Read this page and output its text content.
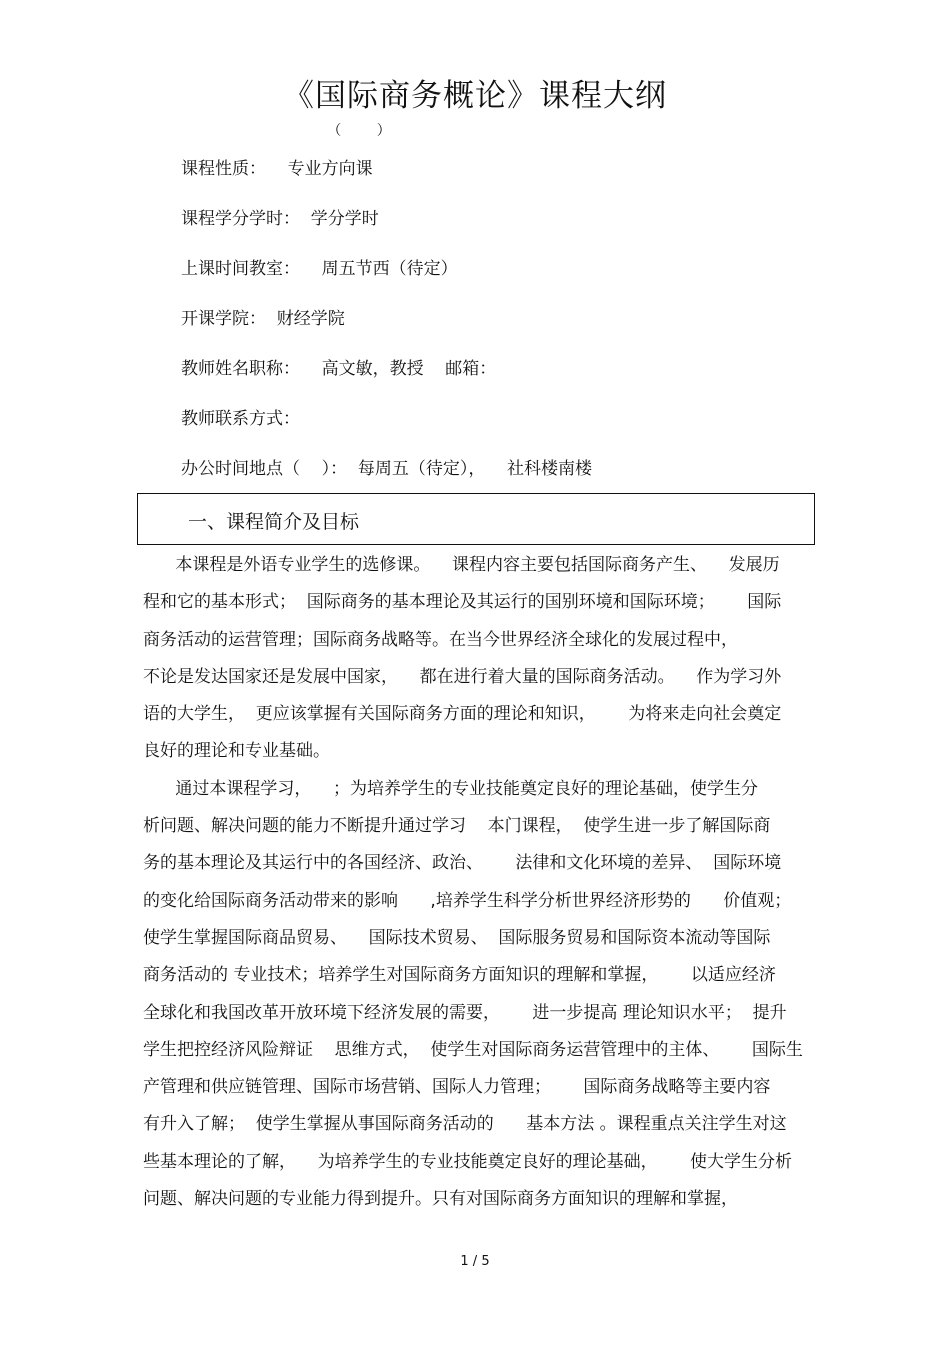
《国际商务概论》课程大纲
（        ）
课程性质：    专业方向课
课程学分学时：  学分学时
上课时间教室：    周五节西（待定）
开课学院：  财经学院
教师姓名职称：    高文敏，教授    邮箱：
教师联系方式：
办公时间地点（    ）：  每周五（待定），    社科楼南楼
一、课程简介及目标
本课程是外语专业学生的选修课。    课程内容主要包括国际商务产生、    发展历
程和它的基本形式；  国际商务的基本理论及其运行的国别环境和国际环境；      国际
商务活动的运营管理；国际商务战略等。在当今世界经济全球化的发展过程中，
不论是发达国家还是发展中国家，    都在进行着大量的国际商务活动。    作为学习外
语的大学生，  更应该掌握有关国际商务方面的理论和知识，      为将来走向社会奠定
良好的理论和专业基础。
通过本课程学习，    ；为培养学生的专业技能奠定良好的理论基础，使学生分
析问题、解决问题的能力不断提升通过学习    本门课程，  使学生进一步了解国际商
务的基本理论及其运行中的各国经济、政治、      法律和文化环境的差异、  国际环境
的变化给国际商务活动带来的影响      ,培养学生科学分析世界经济形势的      价值观；
使学生掌握国际商品贸易、    国际技术贸易、  国际服务贸易和国际资本流动等国际
商务活动的 专业技术；培养学生对国际商务方面知识的理解和掌握，      以适应经济
全球化和我国改革开放环境下经济发展的需要，      进一步提高 理论知识水平；  提升
学生把控经济风险辩证    思维方式，  使学生对国际商务运营管理中的主体、      国际生
产管理和供应链管理、国际市场营销、国际人力管理；      国际商务战略等主要内容
有升入了解；  使学生掌握从事国际商务活动的      基本方法 。课程重点关注学生对这
些基本理论的了解，    为培养学生的专业技能奠定良好的理论基础，      使大学生分析
问题、解决问题的专业能力得到提升。只有对国际商务方面知识的理解和掌握，
1 / 5
